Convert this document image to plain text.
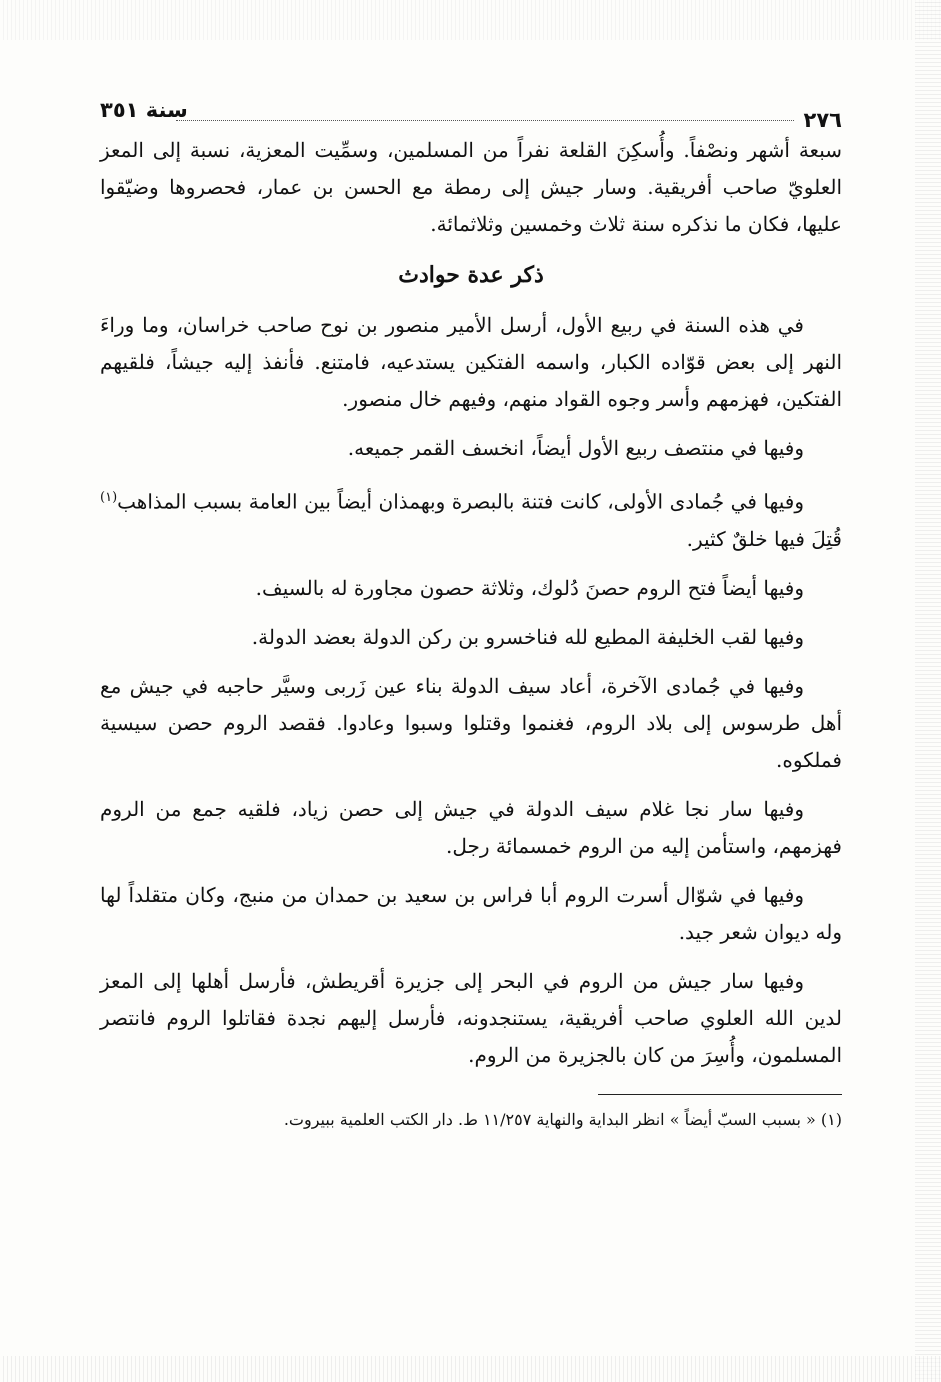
٢٧٦
سنة ٣٥١

سبعة أشهر ونصْفاً. وأُسكِنَ القلعة نفراً من المسلمين، وسمِّيت المعزية، نسبة إلى المعز العلويّ صاحب أفريقية. وسار جيش إلى رمطة مع الحسن بن عمار، فحصروها وضيّقوا عليها، فكان ما نذكره سنة ثلاث وخمسين وثلاثمائة.

ذكر عدة حوادث

في هذه السنة في ربيع الأول، أرسل الأمير منصور بن نوح صاحب خراسان، وما وراءَ النهر إلى بعض قوّاده الكبار، واسمه الفتكين يستدعيه، فامتنع. فأنفذ إليه جيشاً، فلقيهم الفتكين، فهزمهم وأسر وجوه القواد منهم، وفيهم خال منصور.

وفيها في منتصف ربيع الأول أيضاً، انخسف القمر جميعه.

وفيها في جُمادى الأولى، كانت فتنة بالبصرة وبهمذان أيضاً بين العامة بسبب المذاهب$^{(١)}$ قُتِلَ فيها خلقٌ كثير.

وفيها أيضاً فتح الروم حصنَ دُلوك، وثلاثة حصون مجاورة له بالسيف.

وفيها لقب الخليفة المطيع لله فناخسرو بن ركن الدولة بعضد الدولة.

وفيها في جُمادى الآخرة، أعاد سيف الدولة بناء عين زَربى وسيَّر حاجبه في جيش مع أهل طرسوس إلى بلاد الروم، فغنموا وقتلوا وسبوا وعادوا. فقصد الروم حصن سيسية فملكوه.

وفيها سار نجا غلام سيف الدولة في جيش إلى حصن زياد، فلقيه جمع من الروم فهزمهم، واستأمن إليه من الروم خمسمائة رجل.

وفيها في شوّال أسرت الروم أبا فراس بن سعيد بن حمدان من منبج، وكان متقلداً لها وله ديوان شعر جيد.

وفيها سار جيش من الروم في البحر إلى جزيرة أقريطش، فأرسل أهلها إلى المعز لدين الله العلوي صاحب أفريقية، يستنجدونه، فأرسل إليهم نجدة فقاتلوا الروم فانتصر المسلمون، وأُسِرَ من كان بالجزيرة من الروم.

(١) « بسبب السبّ أيضاً » انظر البداية والنهاية ١١/٢٥٧ ط. دار الكتب العلمية ببيروت.
